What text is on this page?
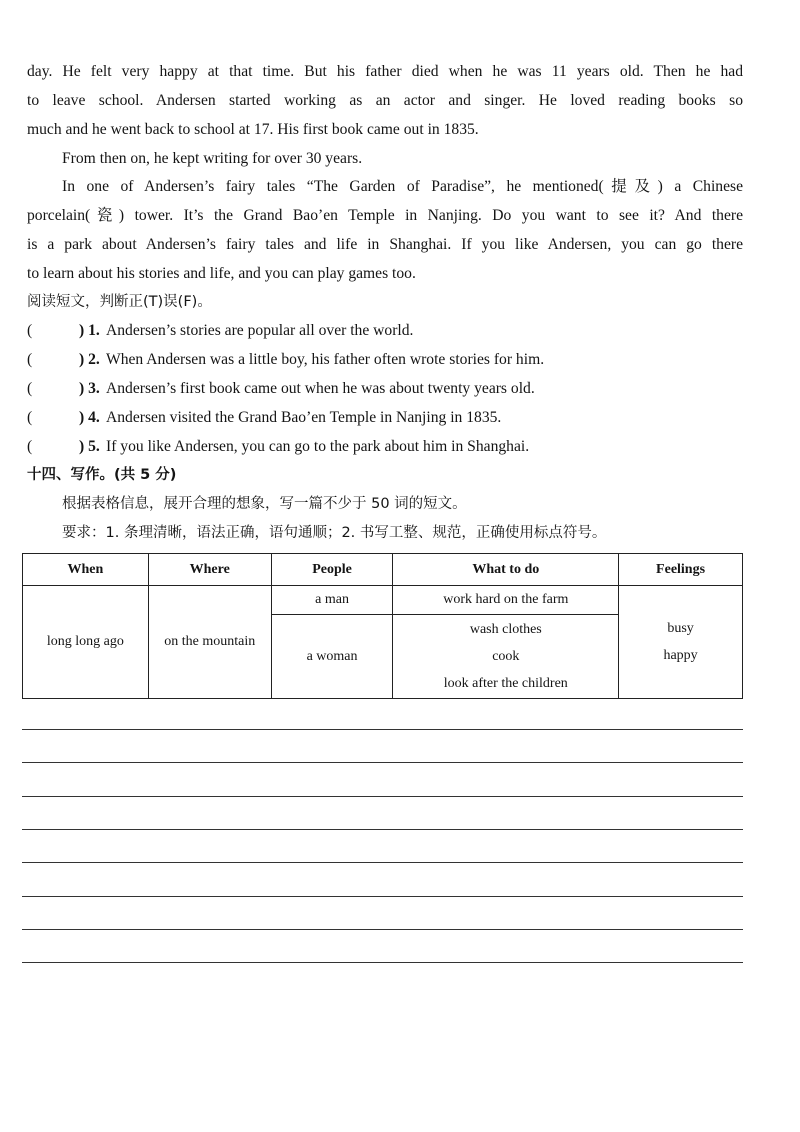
day. He felt very happy at that time. But his father died when he was 11 years old. Then he had
to leave school. Andersen started working as an actor and singer. He loved reading books so
much and he went back to school at 17. His first book came out in 1835.
From then on, he kept writing for over 30 years.
In one of Andersen’s fairy tales “The Garden of Paradise”, he mentioned(提及) a Chinese
porcelain(瓷) tower. It’s the Grand Bao’en Temple in Nanjing. Do you want to see it? And there
is a park about Andersen’s fairy tales and life in Shanghai. If you like Andersen, you can go there
to learn about his stories and life, and you can play games too.
阅读短文，判断正(T)误(F)。
(	) 1. Andersen’s stories are popular all over the world.
(	) 2. When Andersen was a little boy, his father often wrote stories for him.
(	) 3. Andersen’s first book came out when he was about twenty years old.
(	) 4. Andersen visited the Grand Bao’en Temple in Nanjing in 1835.
(	) 5. If you like Andersen, you can go to the park about him in Shanghai.
十四、写作。(共 5 分)
根据表格信息，展开合理的想象，写一篇不少于 50 词的短文。
要求：1. 条理清晰，语法正确，语句通顺；2. 书写工整、规范，正确使用标点符号。
When	Where	People	What to do	Feelings
long long ago	on the mountain	a man	work hard on the farm	busy
happy

		a woman	wash clothes
cook
look after the children	
